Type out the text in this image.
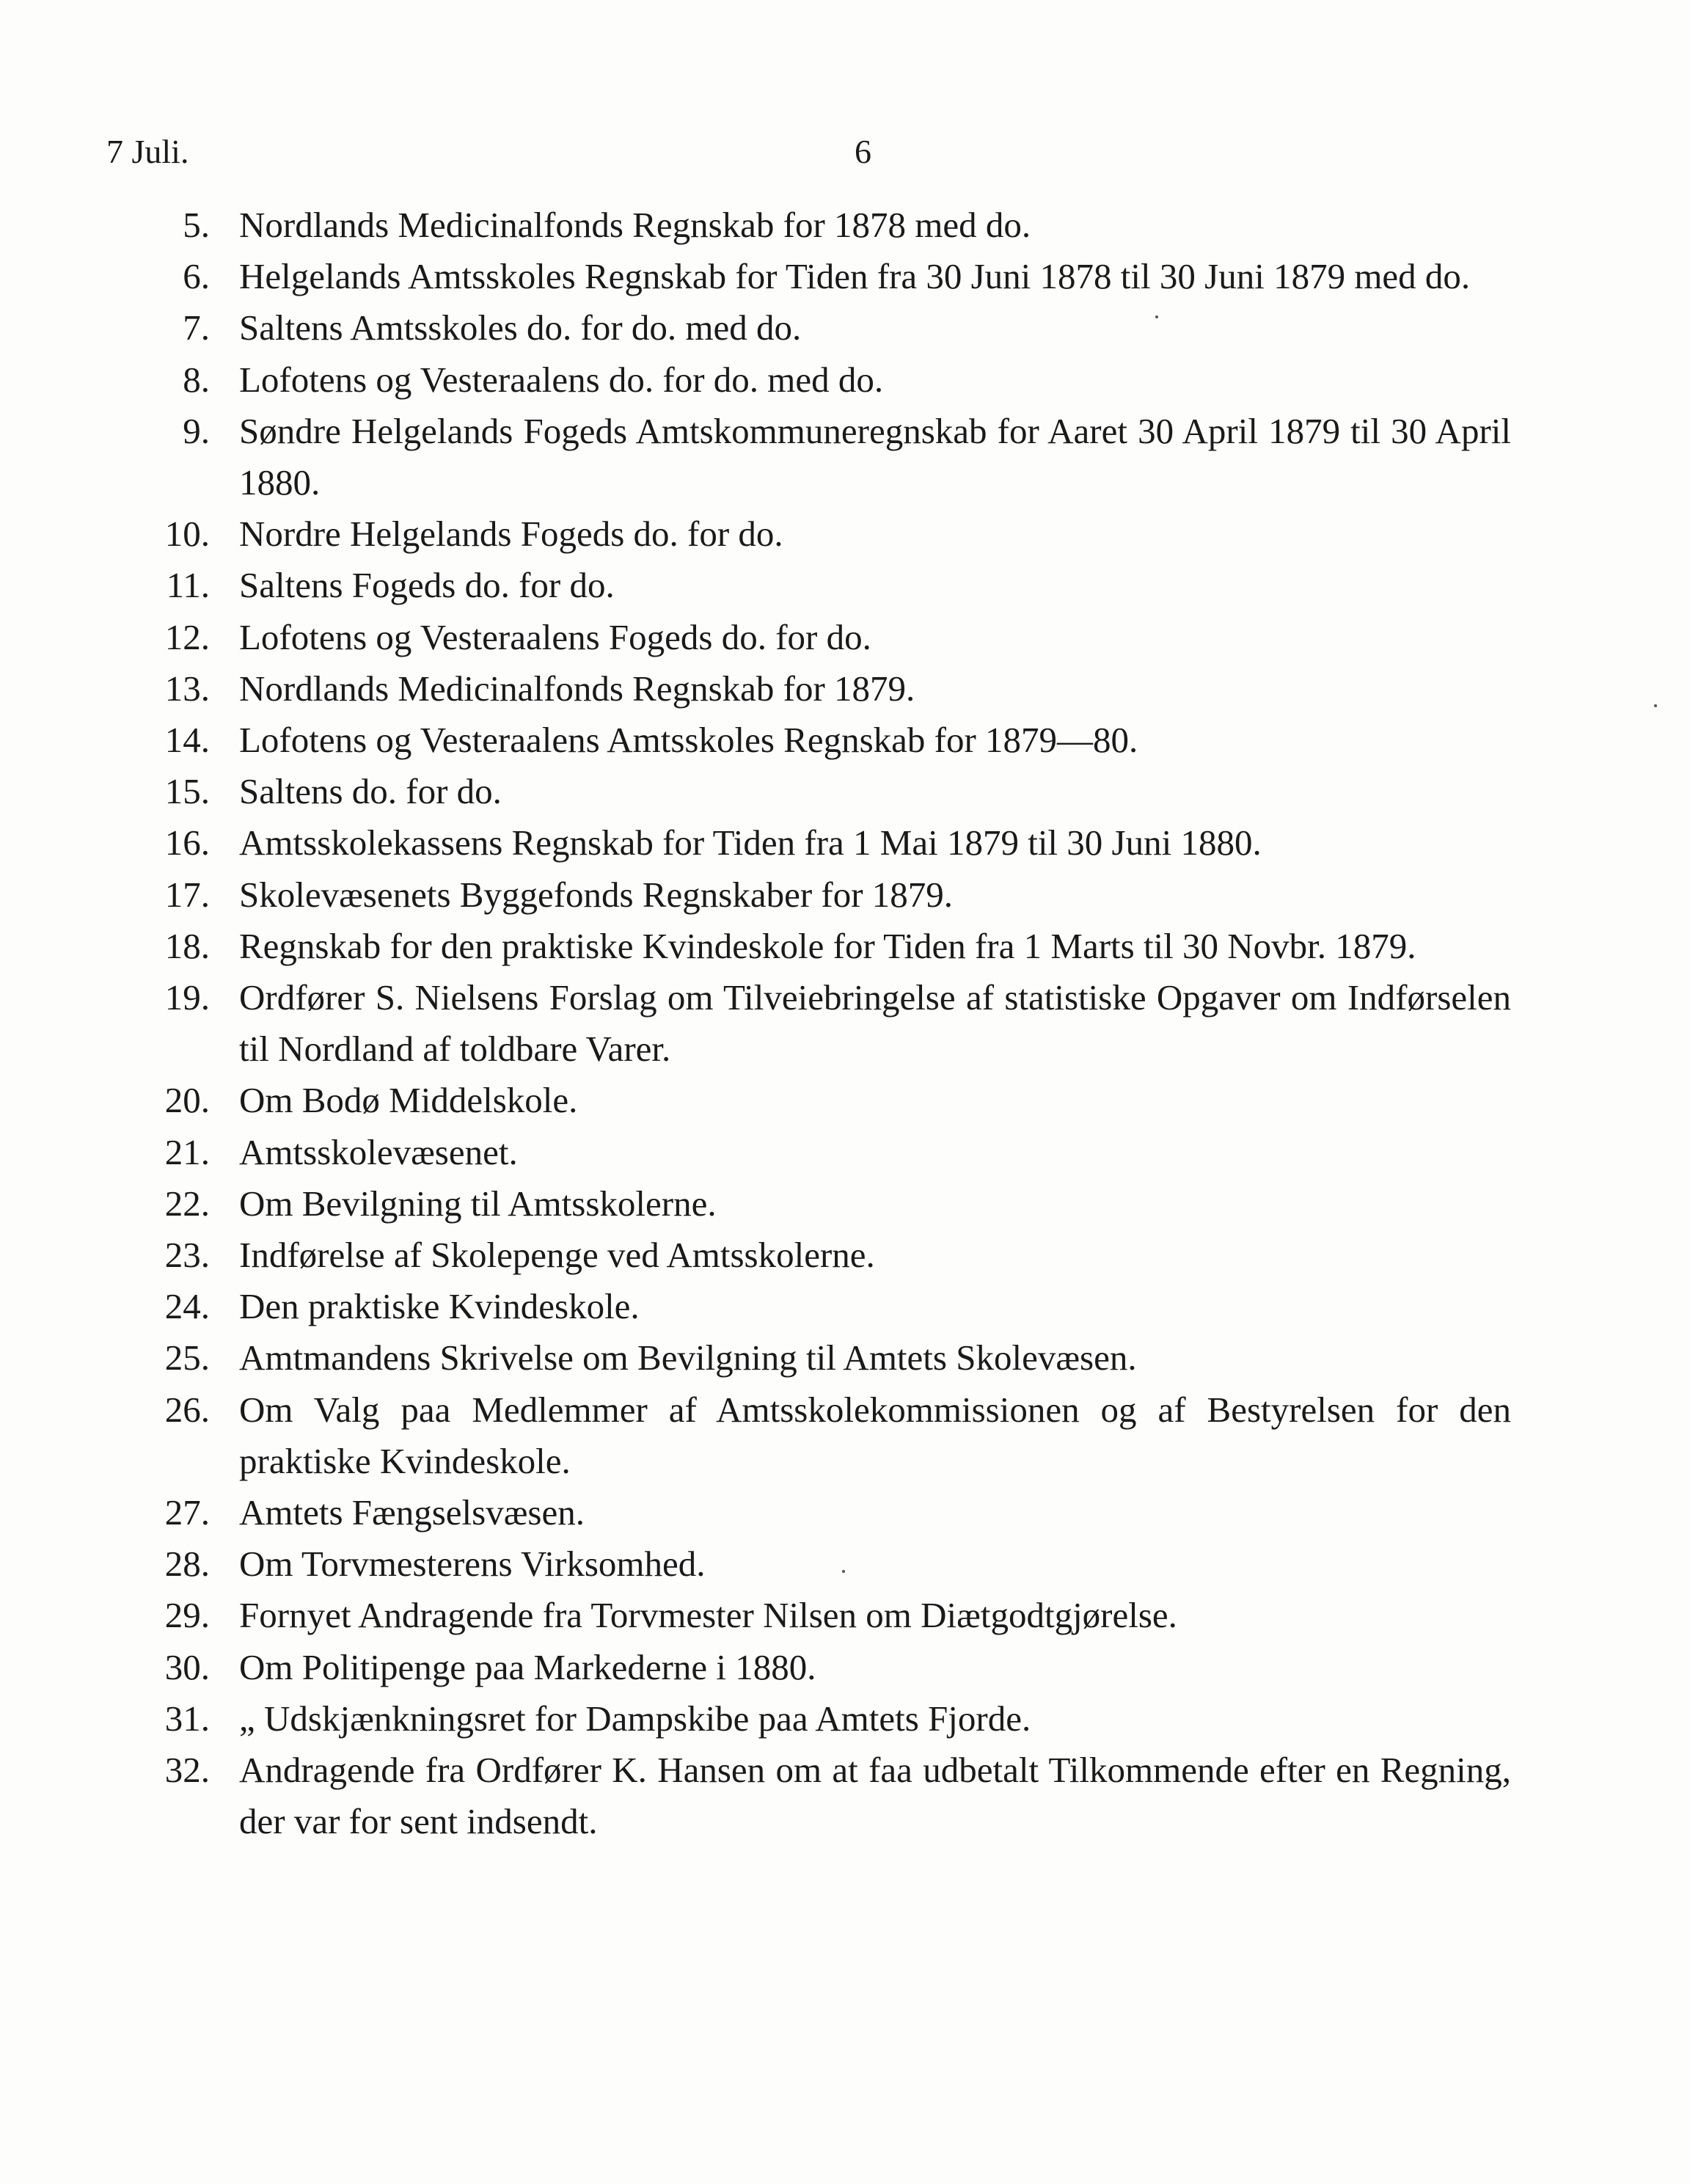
7 Juli.	6
5. Nordlands Medicinalfonds Regnskab for 1878 med do.
6. Helgelands Amtsskoles Regnskab for Tiden fra 30 Juni 1878 til 30 Juni 1879 med do.
7. Saltens Amtsskoles do. for do. med do.
8. Lofotens og Vesteraalens do. for do. med do.
9. Søndre Helgelands Fogeds Amtskommuneregnskab for Aaret 30 April 1879 til 30 April 1880.
10. Nordre Helgelands Fogeds do. for do.
11. Saltens Fogeds do. for do.
12. Lofotens og Vesteraalens Fogeds do. for do.
13. Nordlands Medicinalfonds Regnskab for 1879.
14. Lofotens og Vesteraalens Amtsskoles Regnskab for 1879—80.
15. Saltens do. for do.
16. Amtsskolekassens Regnskab for Tiden fra 1 Mai 1879 til 30 Juni 1880.
17. Skolevæsenets Byggefonds Regnskaber for 1879.
18. Regnskab for den praktiske Kvindeskole for Tiden fra 1 Marts til 30 Novbr. 1879.
19. Ordfører S. Nielsens Forslag om Tilveiebringelse af statistiske Opgaver om Indførselen til Nordland af toldbare Varer.
20. Om Bodø Middelskole.
21. Amtsskolevæsenet.
22. Om Bevilgning til Amtsskolerne.
23. Indførelse af Skolepenge ved Amtsskolerne.
24. Den praktiske Kvindeskole.
25. Amtmandens Skrivelse om Bevilgning til Amtets Skolevæsen.
26. Om Valg paa Medlemmer af Amtsskolekommissionen og af Bestyrelsen for den praktiske Kvindeskole.
27. Amtets Fængselsvæsen.
28. Om Torvmesterens Virksomhed.
29. Fornyet Andragende fra Torvmester Nilsen om Diætgodtgjørelse.
30. Om Politipenge paa Markederne i 1880.
31. „ Udskjænkningsret for Dampskibe paa Amtets Fjorde.
32. Andragende fra Ordfører K. Hansen om at faa udbetalt Tilkommende efter en Regning, der var for sent indsendt.
